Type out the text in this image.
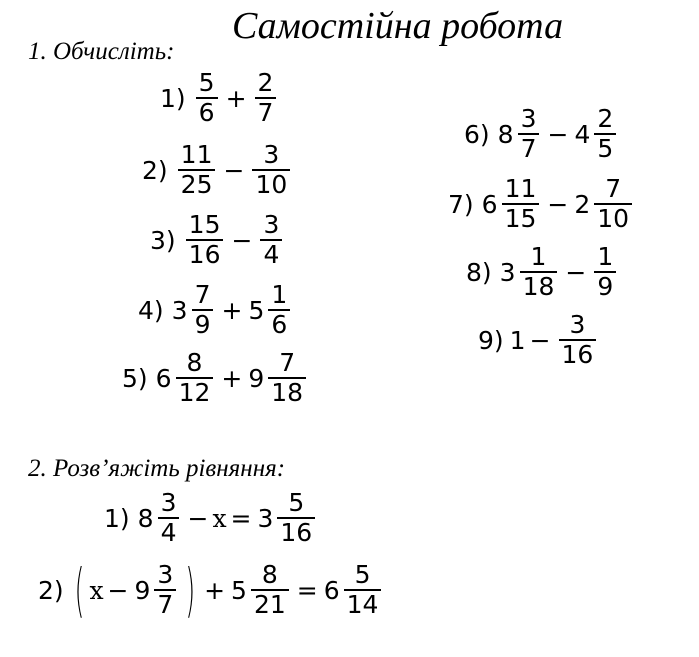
Самостійна робота
1. Обчисліть:
$1) \frac{5}{6} + \frac{2}{7}$
$2) \frac{11}{25} - \frac{3}{10}$
$3) \frac{15}{16} - \frac{3}{4}$
4) $3 \frac{7}{9} + 5 \frac{1}{6}$
5) $6 \frac{8}{12} + 9 \frac{7}{18}$
6) $8 \frac{3}{7} - 4 \frac{2}{5}$
7) $6 \frac{11}{15} - 2 \frac{7}{10}$
8) $3 \frac{1}{18} - \frac{1}{9}$
9) $1 - \frac{3}{16}$
2. Розв’яжіть рівняння:
1) $8 \frac{3}{4} - x = 3 \frac{5}{16}$
2) ( $x - 9 \frac{3}{7}$ ) + $5 \frac{8}{21} = 6 \frac{5}{14}$
